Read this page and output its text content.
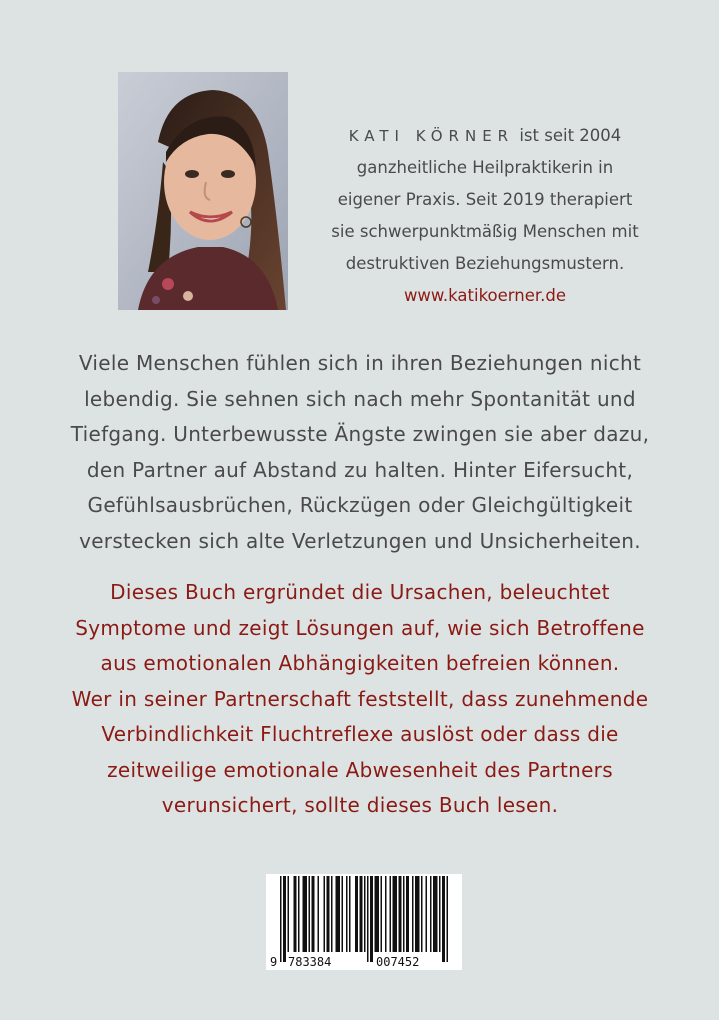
KATI KÖRNER ist seit 2004
ganzheitliche Heilpraktikerin in
eigener Praxis. Seit 2019 therapiert
sie schwerpunktmäßig Menschen mit
destruktiven Beziehungsmustern.
www.katikoerner.de
Viele Menschen fühlen sich in ihren Beziehungen nicht
lebendig. Sie sehnen sich nach mehr Spontanität und
Tiefgang. Unterbewusste Ängste zwingen sie aber dazu,
den Partner auf Abstand zu halten. Hinter Eifersucht,
Gefühlsausbrüchen, Rückzügen oder Gleichgültigkeit
verstecken sich alte Verletzungen und Unsicherheiten.
Dieses Buch ergründet die Ursachen, beleuchtet
Symptome und zeigt Lösungen auf, wie sich Betroffene
aus emotionalen Abhängigkeiten befreien können.
Wer in seiner Partnerschaft feststellt, dass zunehmende
Verbindlichkeit Fluchtreflexe auslöst oder dass die
zeitweilige emotionale Abwesenheit des Partners
verunsichert, sollte dieses Buch lesen.
9 783384	007452
